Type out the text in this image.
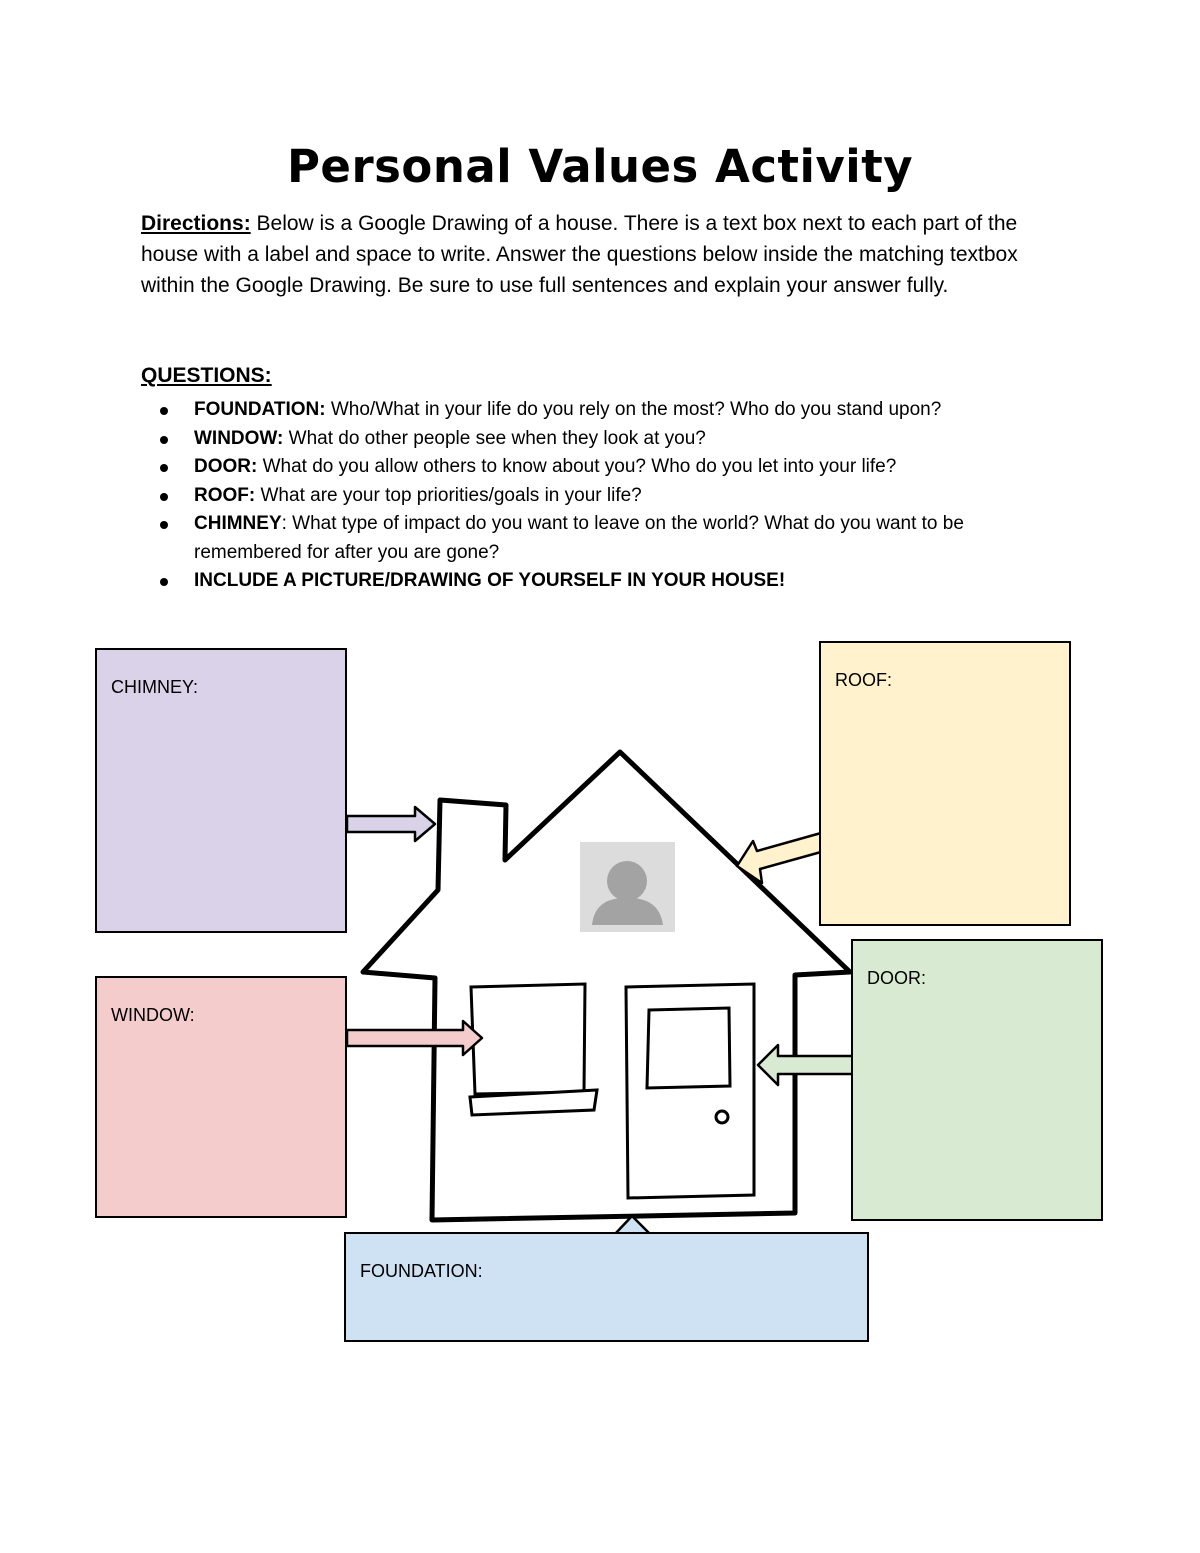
Personal Values Activity
Directions: Below is a Google Drawing of a house. There is a text box next to each part of the house with a label and space to write. Answer the questions below inside the matching textbox within the Google Drawing. Be sure to use full sentences and explain your answer fully.
QUESTIONS:
FOUNDATION: Who/What in your life do you rely on the most? Who do you stand upon?
WINDOW: What do other people see when they look at you?
DOOR: What do you allow others to know about you? Who do you let into your life?
ROOF: What are your top priorities/goals in your life?
CHIMNEY: What type of impact do you want to leave on the world? What do you want to be remembered for after you are gone?
INCLUDE A PICTURE/DRAWING OF YOURSELF IN YOUR HOUSE!
CHIMNEY:	ROOF:
WINDOW:
DOOR:
FOUNDATION:
